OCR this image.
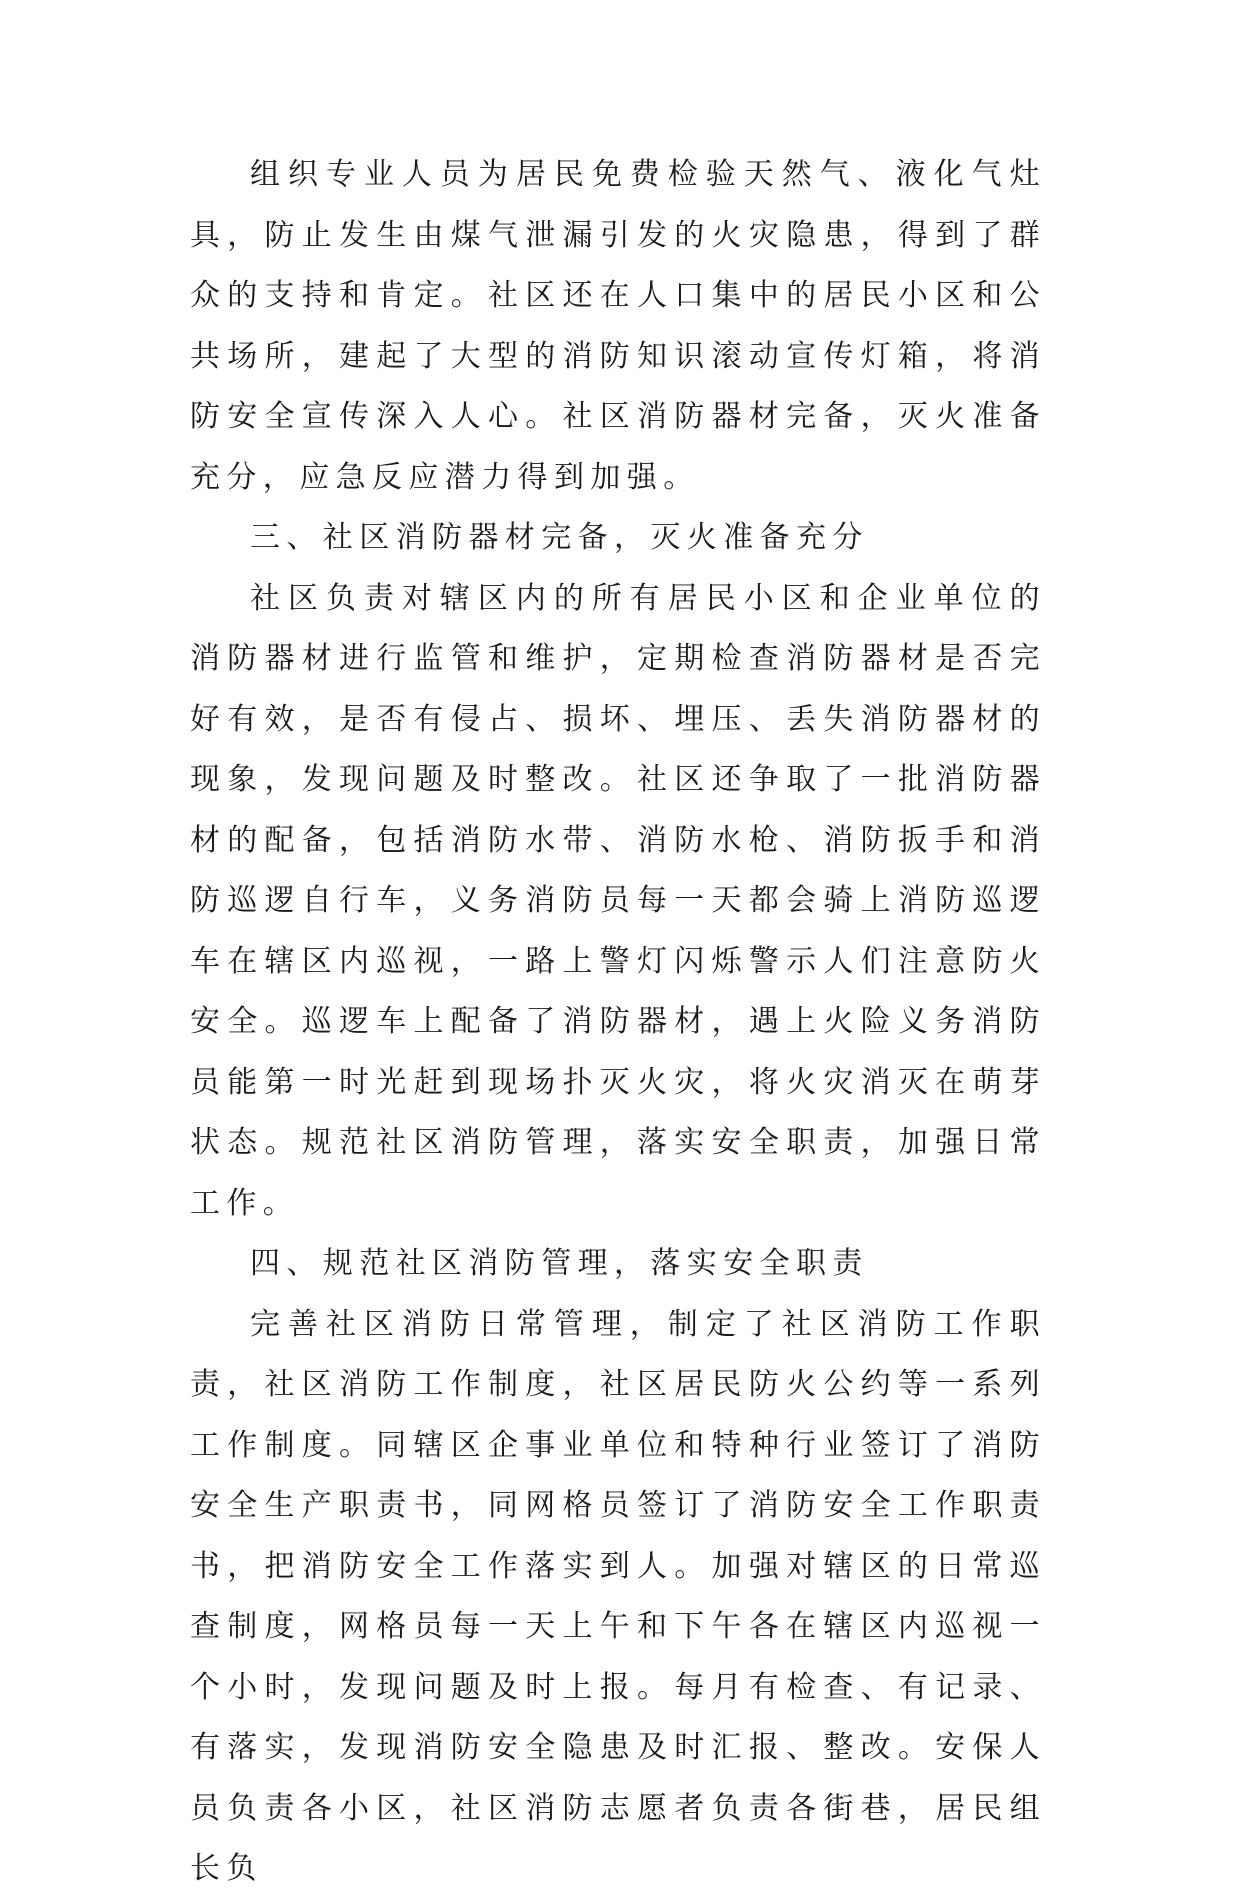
组织专业人员为居民免费检验天然气、液化气灶具，防止发生由煤气泄漏引发的火灾隐患，得到了群众的支持和肯定。社区还在人口集中的居民小区和公共场所，建起了大型的消防知识滚动宣传灯箱，将消防安全宣传深入人心。社区消防器材完备，灭火准备充分，应急反应潜力得到加强。

三、社区消防器材完备，灭火准备充分

社区负责对辖区内的所有居民小区和企业单位的消防器材进行监管和维护，定期检查消防器材是否完好有效，是否有侵占、损坏、埋压、丢失消防器材的现象，发现问题及时整改。社区还争取了一批消防器材的配备，包括消防水带、消防水枪、消防扳手和消防巡逻自行车，义务消防员每一天都会骑上消防巡逻车在辖区内巡视，一路上警灯闪烁警示人们注意防火安全。巡逻车上配备了消防器材，遇上火险义务消防员能第一时光赶到现场扑灭火灾，将火灾消灭在萌芽状态。规范社区消防管理，落实安全职责，加强日常工作。

四、规范社区消防管理，落实安全职责

完善社区消防日常管理，制定了社区消防工作职责，社区消防工作制度，社区居民防火公约等一系列工作制度。同辖区企事业单位和特种行业签订了消防安全生产职责书，同网格员签订了消防安全工作职责书，把消防安全工作落实到人。加强对辖区的日常巡查制度，网格员每一天上午和下午各在辖区内巡视一个小时，发现问题及时上报。每月有检查、有记录、有落实，发现消防安全隐患及时汇报、整改。安保人员负责各小区，社区消防志愿者负责各街巷，居民组长负
